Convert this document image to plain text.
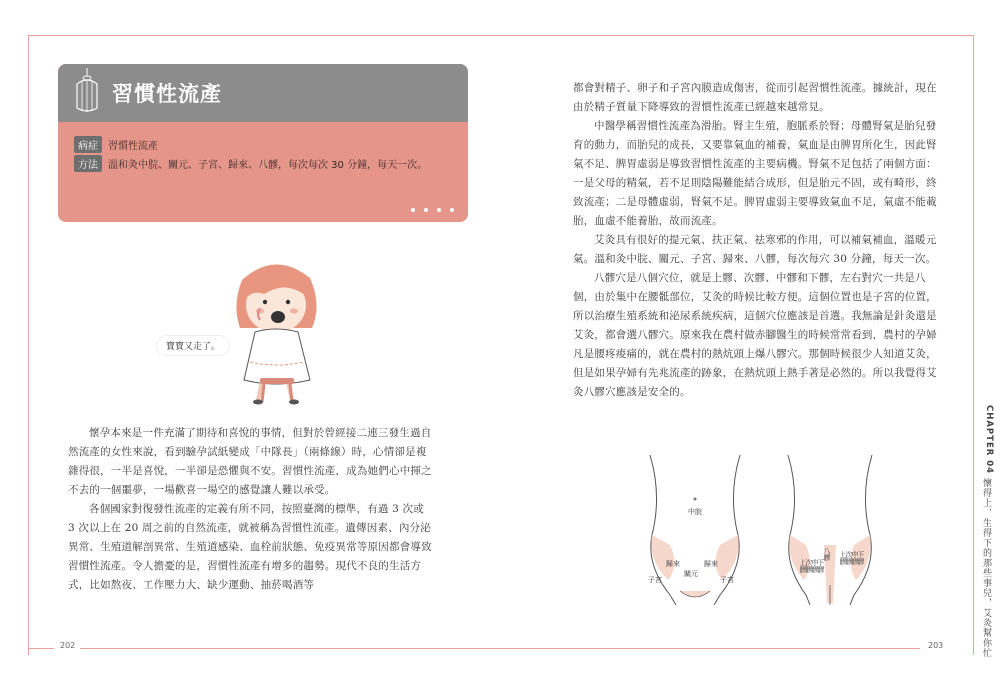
習慣性流產
病症	習慣性流產
方法	溫和灸中脘、關元、子宮、歸來、八髎，每次每次 30 分鐘，每天一次。
寶寶又走了。

懷孕本來是一件充滿了期待和喜悅的事情，但對於曾經接二連三發生過自然流產的女性來說，看到驗孕試紙變成「中隊長」（兩條線）時，心情卻是複雜得很，一半是喜悅，一半卻是恐懼與不安。習慣性流產，成為她們心中揮之不去的一個噩夢，一場歡喜一場空的感覺讓人難以承受。

各個國家對復發性流產的定義有所不同，按照臺灣的標準，有過 3 次或 3 次以上在 20 周之前的自然流產，就被稱為習慣性流產。遺傳因素、內分泌異常、生殖道解剖異常、生殖道感染、血栓前狀態、免疫異常等原因都會導致習慣性流產。令人擔憂的是，習慣性流產有增多的趨勢。現代不良的生活方式，比如熬夜、工作壓力大、缺少運動、抽菸喝酒等

都會對精子、卵子和子宮內膜造成傷害，從而引起習慣性流產。據統計，現在由於精子質量下降導致的習慣性流產已經越來越常見。

中醫學稱習慣性流產為滑胎。腎主生殖，胞脈系於腎；母體腎氣是胎兒發育的動力，而胎兒的成長，又要靠氣血的補養，氣血是由脾胃所化生，因此腎氣不足、脾胃虛弱是導致習慣性流產的主要病機。腎氣不足包括了兩個方面：一是父母的精氣，若不足則陰陽難能結合成形，但是胎元不固，或有畸形，終致流產；二是母體虛弱，腎氣不足。脾胃虛弱主要導致氣血不足，氣虛不能載胎，血虛不能養胎，故而流產。

艾灸具有很好的提元氣、扶正氣、祛寒邪的作用，可以補氣補血，溫暖元氣。溫和灸中脘、關元、子宮、歸來、八髎，每次每穴 30 分鐘，每天一次。

八髎穴是八個穴位，就是上髎、次髎、中髎和下髎，左右對穴一共是八個，由於集中在腰骶部位，艾灸的時候比較方便。這個位置也是子宮的位置，所以治療生殖系統和泌尿系統疾病，這個穴位應該是首選。我無論是針灸還是艾灸，都會選八髎穴。原來我在農村做赤腳醫生的時候常常看到，農村的孕婦凡是腰疼痠痛的，就在農村的熱炕頭上爆八髎穴。那個時候很少人知道艾灸，但是如果孕婦有先兆流產的跡象，在熱炕頭上熱手著是必然的。所以我覺得艾灸八髎穴應該是安全的。

中脘
歸來
關元
歸來
子宮	子宮
八髎
上髎
次髎
中髎
下髎
上髎
次髎
中髎
下髎
CHAPTER 04
懷得上、生得下的那些事兒，艾灸幫你忙
202	203
